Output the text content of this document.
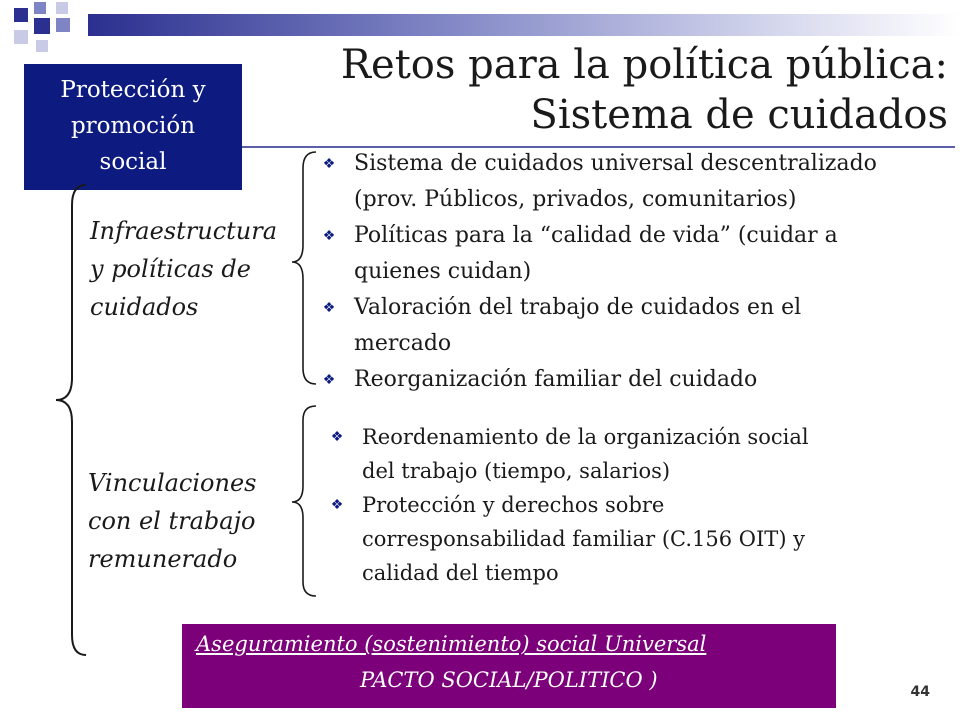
Retos para la política pública:
Sistema de cuidados
Protección y
promoción
social
Infraestructura
y políticas de
cuidados
❖ Sistema de cuidados universal descentralizado
(prov. Públicos, privados, comunitarios)
❖ Políticas para la “calidad de vida” (cuidar a
quienes cuidan)
❖ Valoración del trabajo de cuidados en el
mercado
❖ Reorganización familiar del cuidado
Vinculaciones
con el trabajo
remunerado
❖ Reordenamiento de la organización social
del trabajo (tiempo, salarios)
❖ Protección y derechos sobre
corresponsabilidad familiar (C.156 OIT) y
calidad del tiempo
Aseguramiento (sostenimiento) social Universal
PACTO SOCIAL/POLITICO )	44
